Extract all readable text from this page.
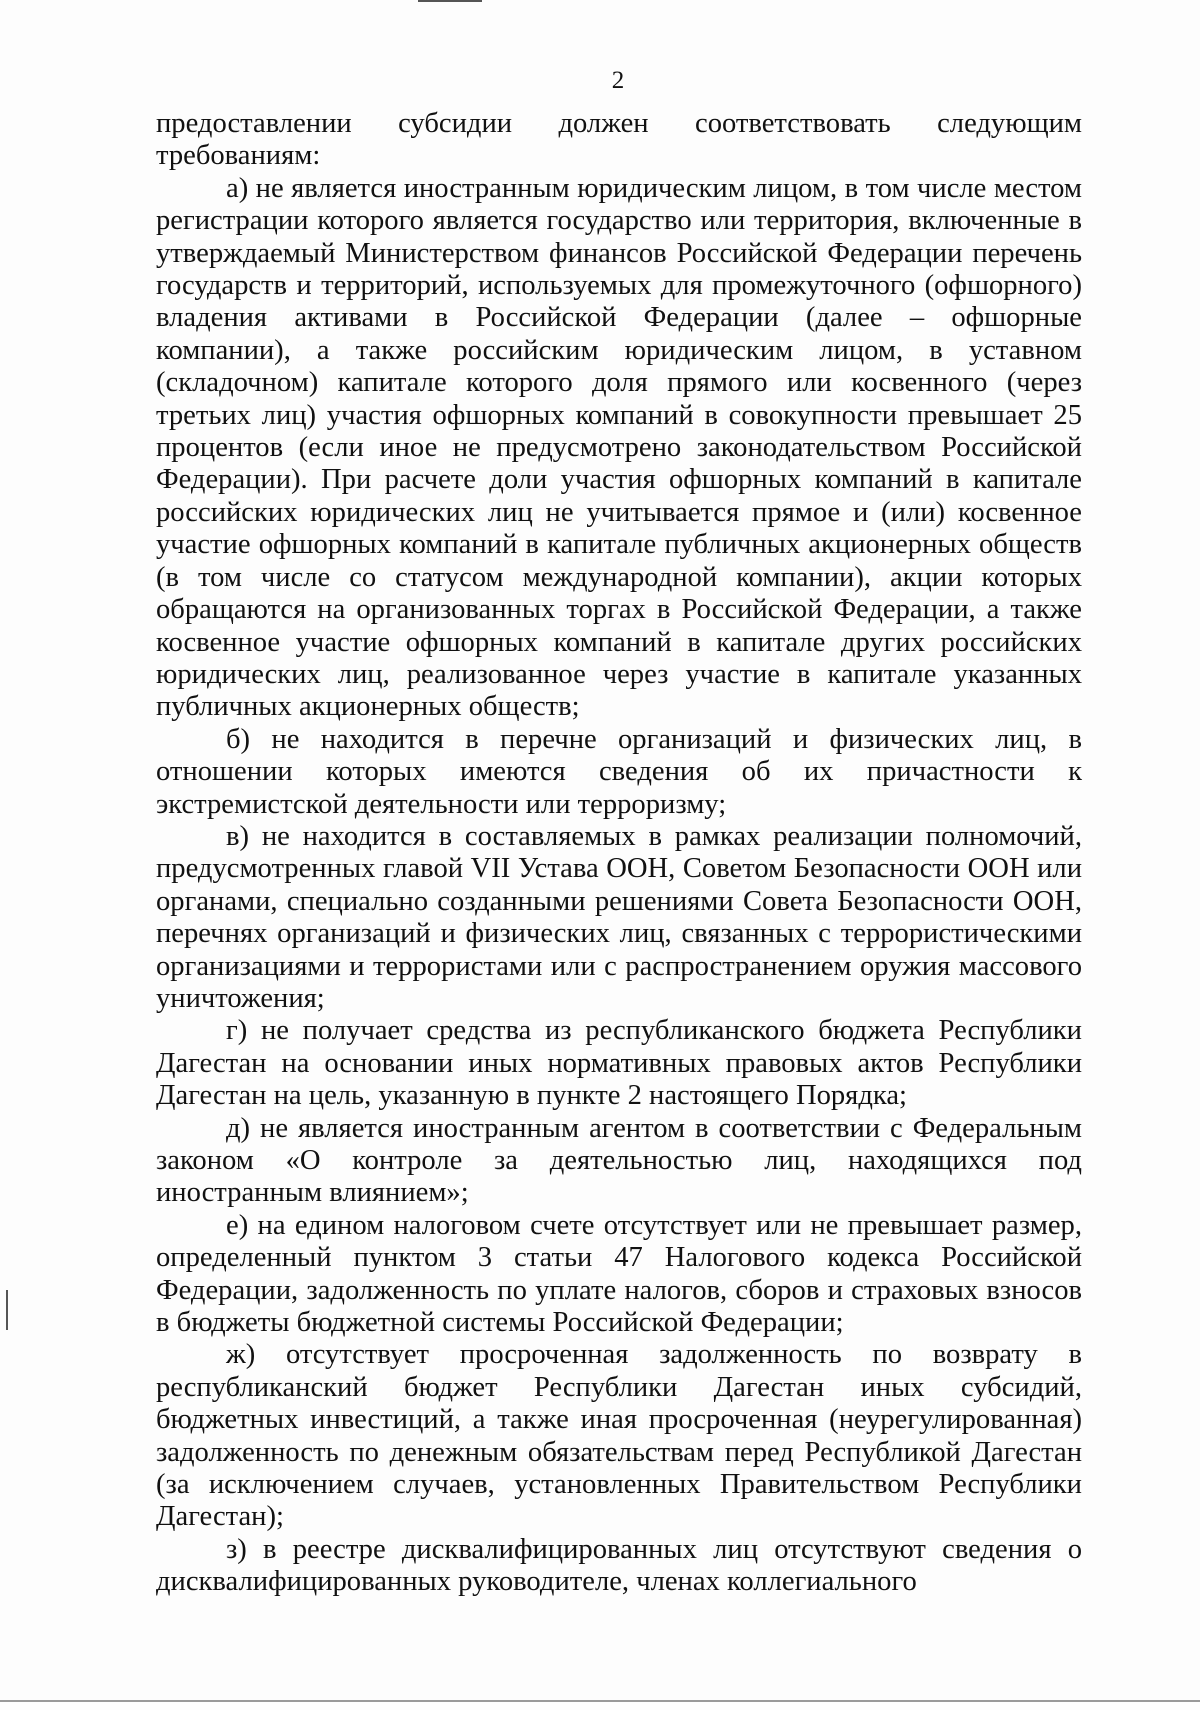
2

предоставлении субсидии должен соответствовать следующим требованиям:

а) не является иностранным юридическим лицом, в том числе местом регистрации которого является государство или территория, включенные в утверждаемый Министерством финансов Российской Федерации перечень государств и территорий, используемых для промежуточного (офшорного) владения активами в Российской Федерации (далее – офшорные компании), а также российским юридическим лицом, в уставном (складочном) капитале которого доля прямого или косвенного (через третьих лиц) участия офшорных компаний в совокупности превышает 25 процентов (если иное не предусмотрено законодательством Российской Федерации). При расчете доли участия офшорных компаний в капитале российских юридических лиц не учитывается прямое и (или) косвенное участие офшорных компаний в капитале публичных акционерных обществ (в том числе со статусом международной компании), акции которых обращаются на организованных торгах в Российской Федерации, а также косвенное участие офшорных компаний в капитале других российских юридических лиц, реализованное через участие в капитале указанных публичных акционерных обществ;

б) не находится в перечне организаций и физических лиц, в отношении которых имеются сведения об их причастности к экстремистской деятельности или терроризму;

в) не находится в составляемых в рамках реализации полномочий, предусмотренных главой VII Устава ООН, Советом Безопасности ООН или органами, специально созданными решениями Совета Безопасности ООН, перечнях организаций и физических лиц, связанных с террористическими организациями и террористами или с распространением оружия массового уничтожения;

г) не получает средства из республиканского бюджета Республики Дагестан на основании иных нормативных правовых актов Республики Дагестан на цель, указанную в пункте 2 настоящего Порядка;

д) не является иностранным агентом в соответствии с Федеральным законом «О контроле за деятельностью лиц, находящихся под иностранным влиянием»;

е) на едином налоговом счете отсутствует или не превышает размер, определенный пунктом 3 статьи 47 Налогового кодекса Российской Федерации, задолженность по уплате налогов, сборов и страховых взносов в бюджеты бюджетной системы Российской Федерации;

ж) отсутствует просроченная задолженность по возврату в республиканский бюджет Республики Дагестан иных субсидий, бюджетных инвестиций, а также иная просроченная (неурегулированная) задолженность по денежным обязательствам перед Республикой Дагестан (за исключением случаев, установленных Правительством Республики Дагестан);

з) в реестре дисквалифицированных лиц отсутствуют сведения о дисквалифицированных руководителе, членах коллегиального
